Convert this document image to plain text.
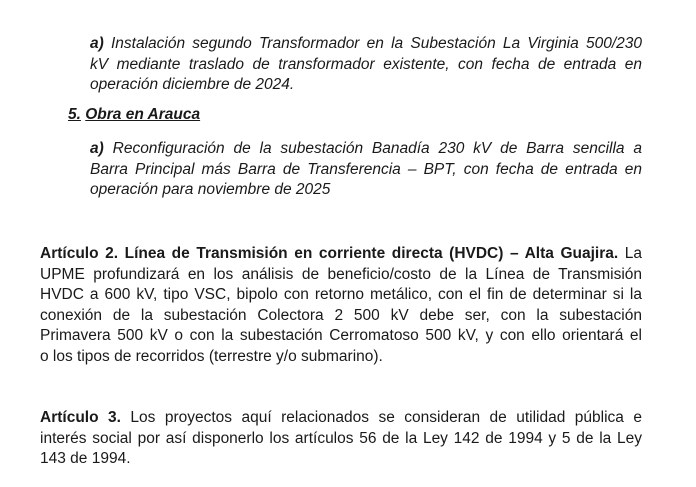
a) Instalación segundo Transformador en la Subestación La Virginia 500/230
kV mediante traslado de transformador existente, con fecha de entrada en
operación diciembre de 2024.
5. Obra en Arauca
a) Reconfiguración de la subestación Banadía 230 kV de Barra sencilla a
Barra Principal más Barra de Transferencia – BPT, con fecha de entrada en
operación para noviembre de 2025
Artículo 2. Línea de Transmisión en corriente directa (HVDC) – Alta Guajira. La
UPME profundizará en los análisis de beneficio/costo de la Línea de Transmisión
HVDC a 600 kV, tipo VSC, bipolo con retorno metálico, con el fin de determinar si la
conexión de la subestación Colectora 2 500 kV debe ser, con la subestación
Primavera 500 kV o con la subestación Cerromatoso 500 kV, y con ello orientará el
o los tipos de recorridos (terrestre y/o submarino).
Artículo 3. Los proyectos aquí relacionados se consideran de utilidad pública e
interés social por así disponerlo los artículos 56 de la Ley 142 de 1994 y 5 de la Ley
143 de 1994.
